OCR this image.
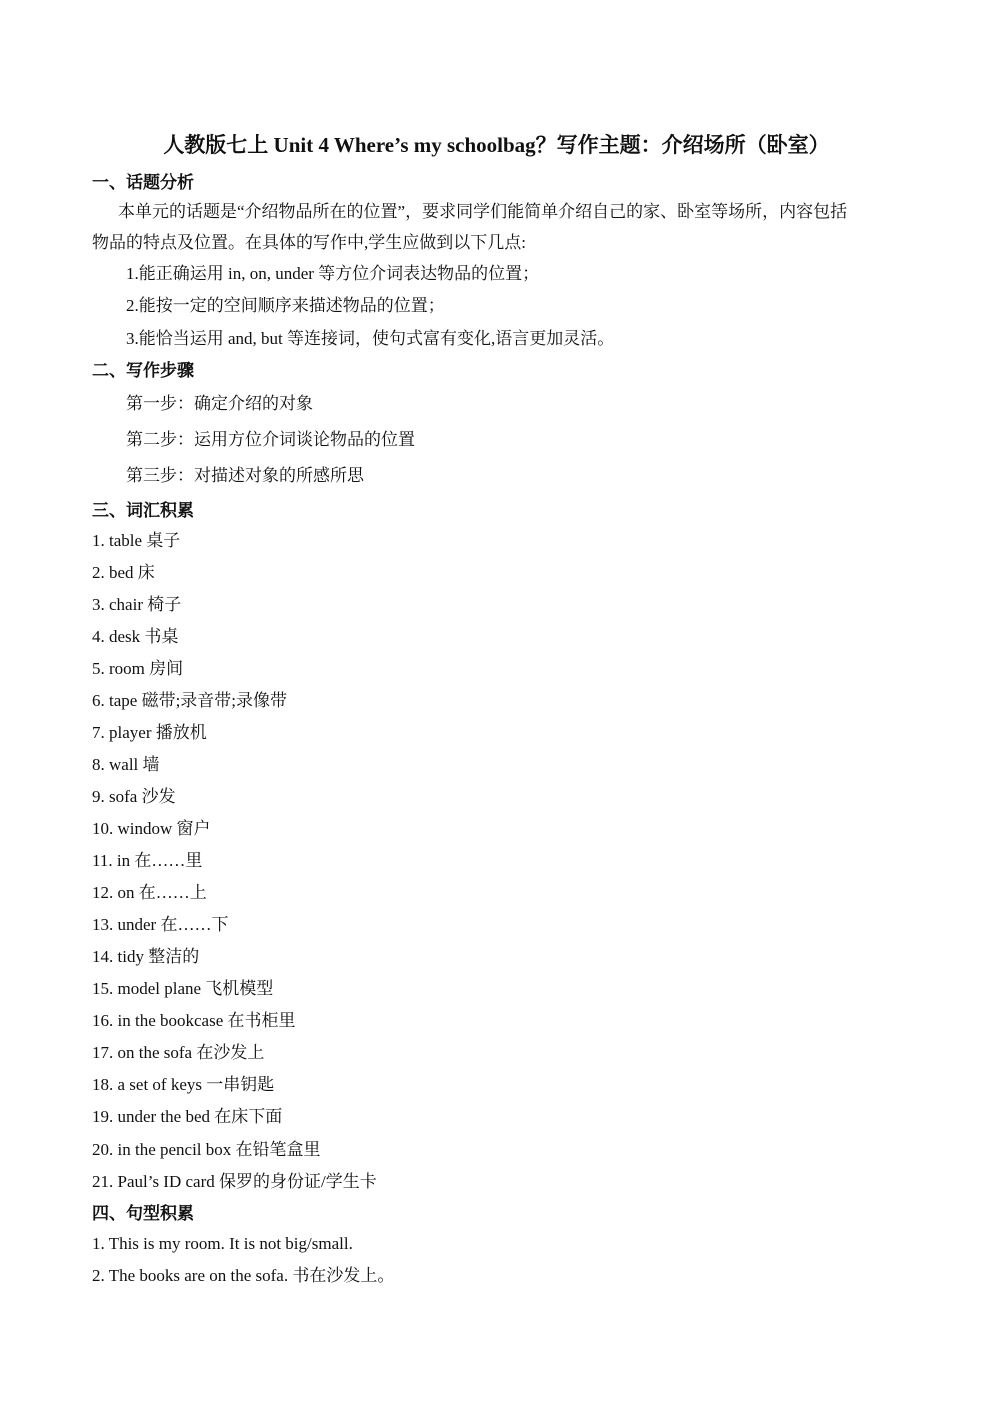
人教版七上 Unit 4 Where’s my schoolbag？写作主题：介绍场所（卧室）
一、话题分析
本单元的话题是“介绍物品所在的位置”，要求同学们能简单介绍自己的家、卧室等场所，内容包括
物品的特点及位置。在具体的写作中,学生应做到以下几点:
1.能正确运用 in, on, under 等方位介词表达物品的位置；
2.能按一定的空间顺序来描述物品的位置；
3.能恰当运用 and, but 等连接词，使句式富有变化,语言更加灵活。
二、写作步骤
第一步：确定介绍的对象
第二步：运用方位介词谈论物品的位置
第三步：对描述对象的所感所思
三、词汇积累
1. table 桌子
2. bed 床
3. chair 椅子
4. desk 书桌
5. room 房间
6. tape 磁带;录音带;录像带
7. player 播放机
8. wall 墙
9. sofa 沙发
10. window 窗户
11. in 在……里
12. on 在……上
13. under 在……下
14. tidy 整洁的
15. model plane 飞机模型
16. in the bookcase 在书柜里
17. on the sofa 在沙发上
18. a set of keys 一串钥匙
19. under the bed 在床下面
20. in the pencil box 在铅笔盒里
21. Paul’s ID card 保罗的身份证/学生卡
四、句型积累
1. This is my room. It is not big/small.
2. The books are on the sofa. 书在沙发上。
